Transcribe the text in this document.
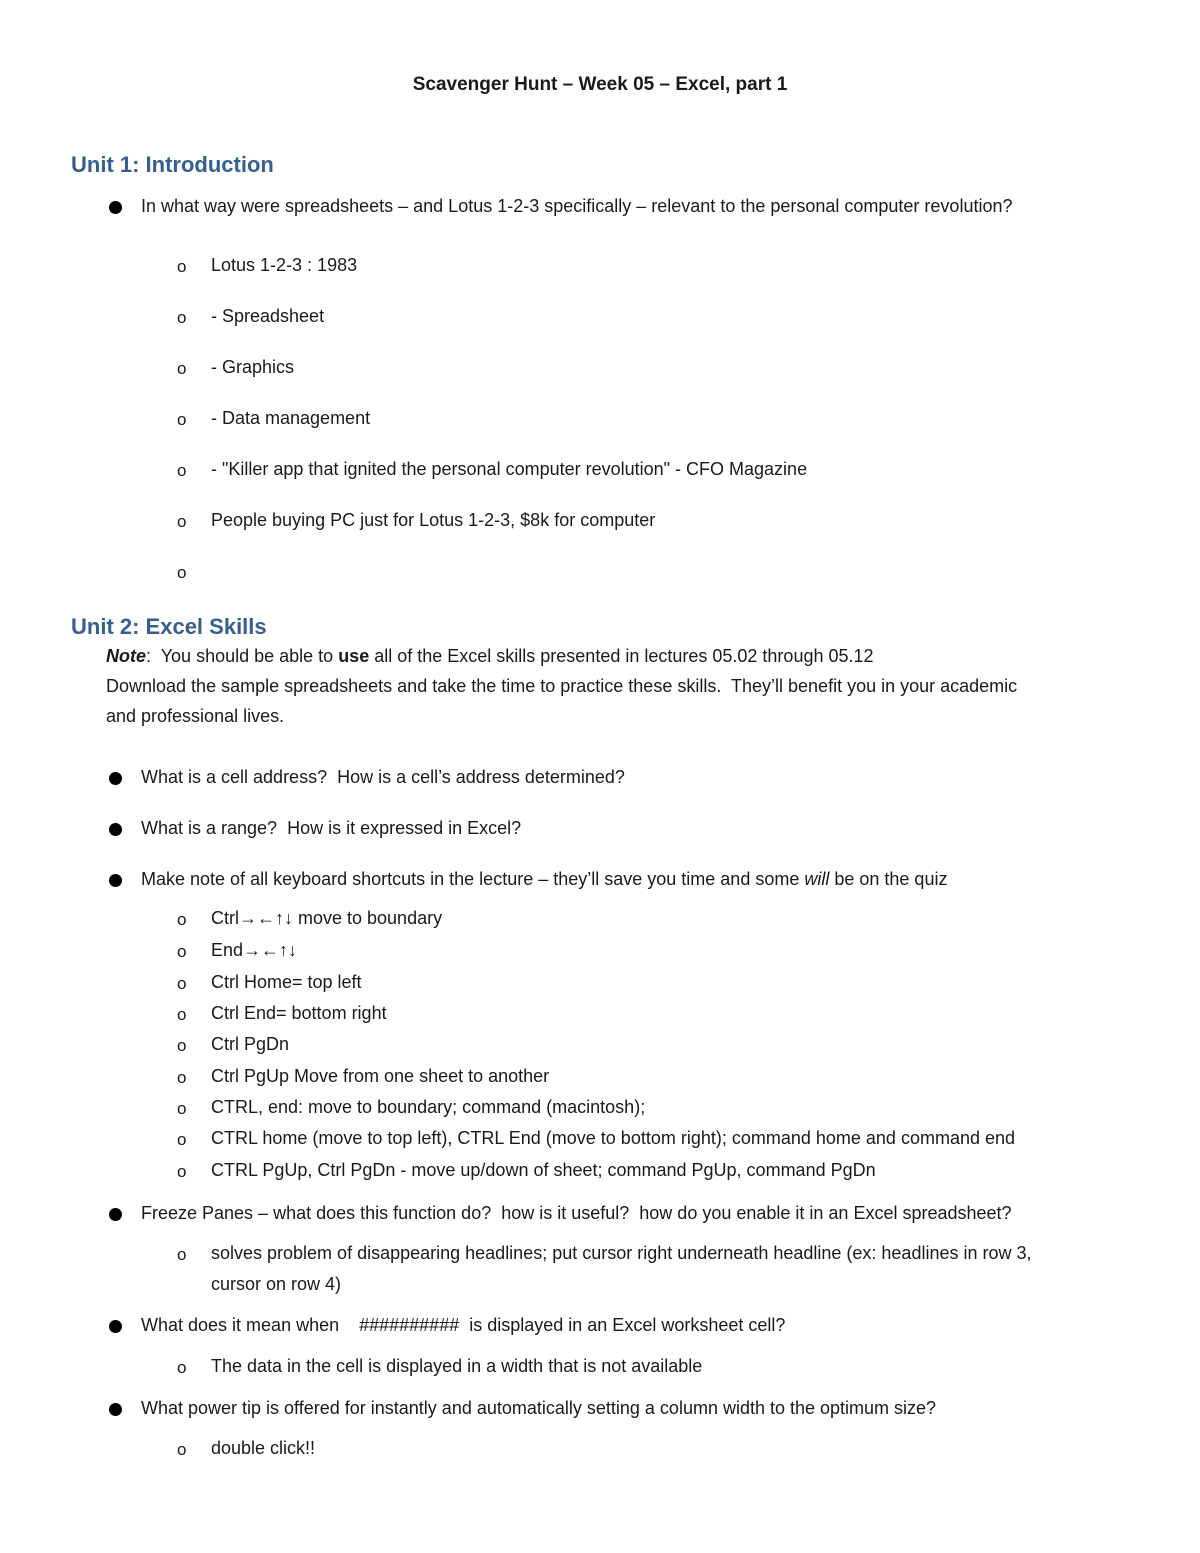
Scavenger Hunt – Week 05 – Excel, part 1
Unit 1: Introduction
In what way were spreadsheets – and Lotus 1-2-3 specifically – relevant to the personal computer revolution?
o Lotus 1-2-3 : 1983
o - Spreadsheet
o - Graphics
o - Data management
o - "Killer app that ignited the personal computer revolution" - CFO Magazine
o People buying PC just for Lotus 1-2-3, $8k for computer
o
Unit 2: Excel Skills
Note:  You should be able to use all of the Excel skills presented in lectures 05.02 through 05.12
Download the sample spreadsheets and take the time to practice these skills.  They’ll benefit you in your academic
and professional lives.
What is a cell address?  How is a cell’s address determined?
What is a range?  How is it expressed in Excel?
Make note of all keyboard shortcuts in the lecture – they’ll save you time and some will be on the quiz
o Ctrl→←↑↓ move to boundary
o End→←↑↓
o Ctrl Home= top left
o Ctrl End= bottom right
o Ctrl PgDn
o Ctrl PgUp Move from one sheet to another
o CTRL, end: move to boundary; command (macintosh);
o CTRL home (move to top left), CTRL End (move to bottom right); command home and command end
o CTRL PgUp, Ctrl PgDn - move up/down of sheet; command PgUp, command PgDn
Freeze Panes – what does this function do?  how is it useful?  how do you enable it in an Excel spreadsheet?
o solves problem of disappearing headlines; put cursor right underneath headline (ex: headlines in row 3,
cursor on row 4)
What does it mean when    ##########  is displayed in an Excel worksheet cell?
o The data in the cell is displayed in a width that is not available
What power tip is offered for instantly and automatically setting a column width to the optimum size?
o double click!!
